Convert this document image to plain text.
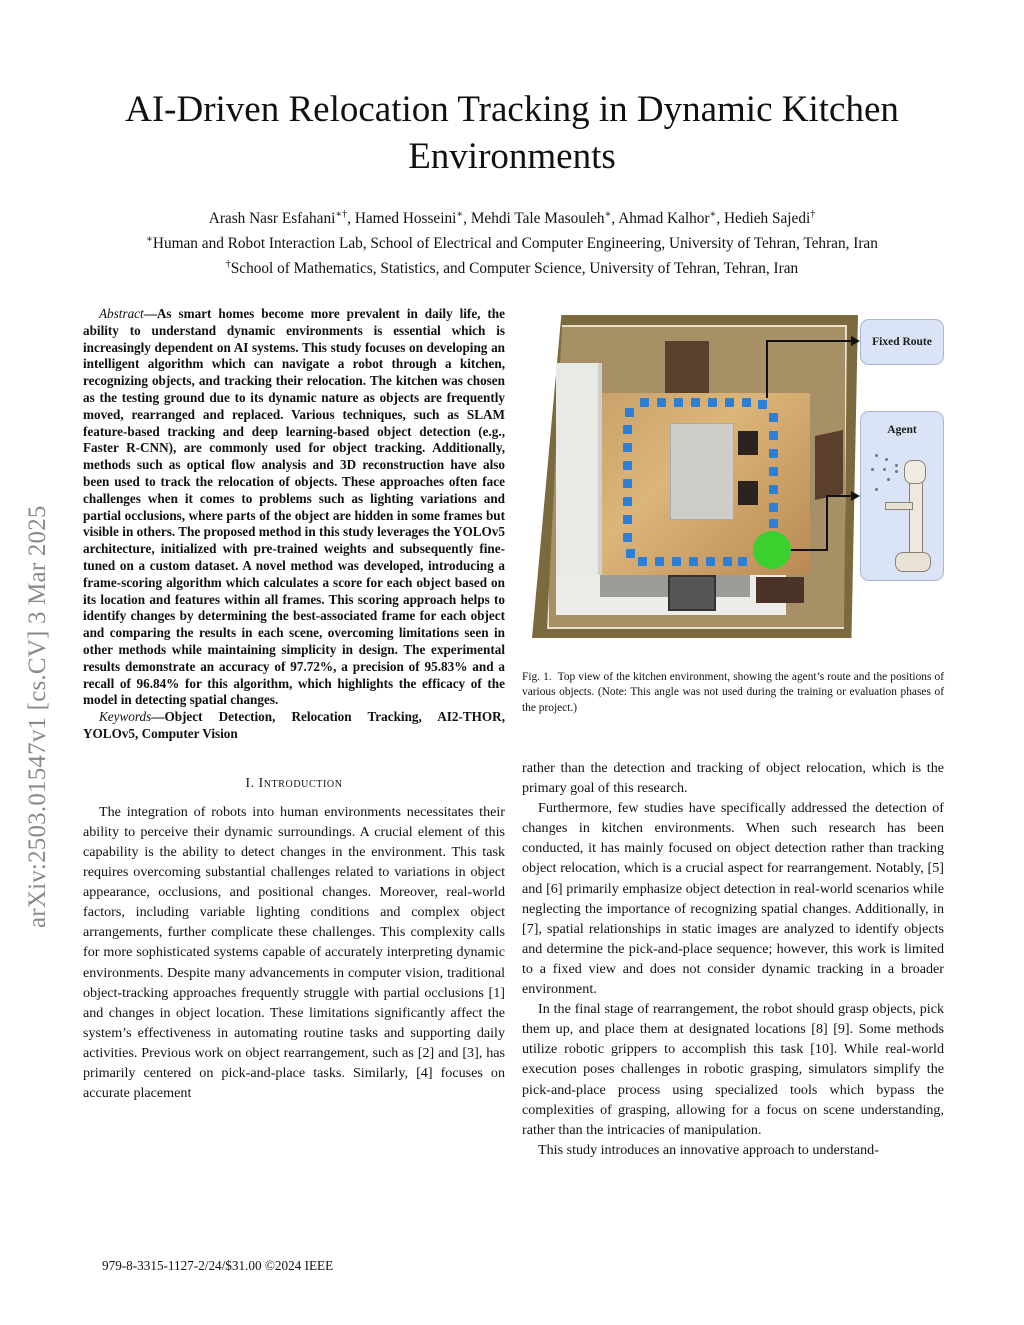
AI-Driven Relocation Tracking in Dynamic Kitchen Environments
Arash Nasr Esfahani∗†, Hamed Hosseini∗, Mehdi Tale Masouleh∗, Ahmad Kalhor∗, Hedieh Sajedi†
∗Human and Robot Interaction Lab, School of Electrical and Computer Engineering, University of Tehran, Tehran, Iran
†School of Mathematics, Statistics, and Computer Science, University of Tehran, Tehran, Iran
arXiv:2503.01547v1 [cs.CV] 3 Mar 2025

Abstract—As smart homes become more prevalent in daily life, the ability to understand dynamic environments is essential which is increasingly dependent on AI systems. This study focuses on developing an intelligent algorithm which can navigate a robot through a kitchen, recognizing objects, and tracking their relocation. The kitchen was chosen as the testing ground due to its dynamic nature as objects are frequently moved, rearranged and replaced. Various techniques, such as SLAM feature-based tracking and deep learning-based object detection (e.g., Faster R-CNN), are commonly used for object tracking. Additionally, methods such as optical flow analysis and 3D reconstruction have also been used to track the relocation of objects. These approaches often face challenges when it comes to problems such as lighting variations and partial occlusions, where parts of the object are hidden in some frames but visible in others. The proposed method in this study leverages the YOLOv5 architecture, initialized with pre-trained weights and subsequently fine-tuned on a custom dataset. A novel method was developed, introducing a frame-scoring algorithm which calculates a score for each object based on its location and features within all frames. This scoring approach helps to identify changes by determining the best-associated frame for each object and comparing the results in each scene, overcoming limitations seen in other methods while maintaining simplicity in design. The experimental results demonstrate an accuracy of 97.72%, a precision of 95.83% and a recall of 96.84% for this algorithm, which highlights the efficacy of the model in detecting spatial changes.

Keywords—Object Detection, Relocation Tracking, AI2-THOR, YOLOv5, Computer Vision

I. Introduction

The integration of robots into human environments necessitates their ability to perceive their dynamic surroundings. A crucial element of this capability is the ability to detect changes in the environment. This task requires overcoming substantial challenges related to variations in object appearance, occlusions, and positional changes. Moreover, real-world factors, including variable lighting conditions and complex object arrangements, further complicate these challenges. This complexity calls for more sophisticated systems capable of accurately interpreting dynamic environments. Despite many advancements in computer vision, traditional object-tracking approaches frequently struggle with partial occlusions [1] and changes in object location. These limitations significantly affect the system’s effectiveness in automating routine tasks and supporting daily activities. Previous work on object rearrangement, such as [2] and [3], has primarily centered on pick-and-place tasks. Similarly, [4] focuses on accurate placement

Fixed Route
Agent
Fig. 1. Top view of the kitchen environment, showing the agent’s route and the positions of various objects. (Note: This angle was not used during the training or evaluation phases of the project.)

rather than the detection and tracking of object relocation, which is the primary goal of this research.

Furthermore, few studies have specifically addressed the detection of changes in kitchen environments. When such research has been conducted, it has mainly focused on object detection rather than tracking object relocation, which is a crucial aspect for rearrangement. Notably, [5] and [6] primarily emphasize object detection in real-world scenarios while neglecting the importance of recognizing spatial changes. Additionally, in [7], spatial relationships in static images are analyzed to identify objects and determine the pick-and-place sequence; however, this work is limited to a fixed view and does not consider dynamic tracking in a broader environment.

In the final stage of rearrangement, the robot should grasp objects, pick them up, and place them at designated locations [8] [9]. Some methods utilize robotic grippers to accomplish this task [10]. While real-world execution poses challenges in robotic grasping, simulators simplify the pick-and-place process using specialized tools which bypass the complexities of grasping, allowing for a focus on scene understanding, rather than the intricacies of manipulation.

This study introduces an innovative approach to understand-

979-8-3315-1127-2/24/$31.00 ©2024 IEEE
